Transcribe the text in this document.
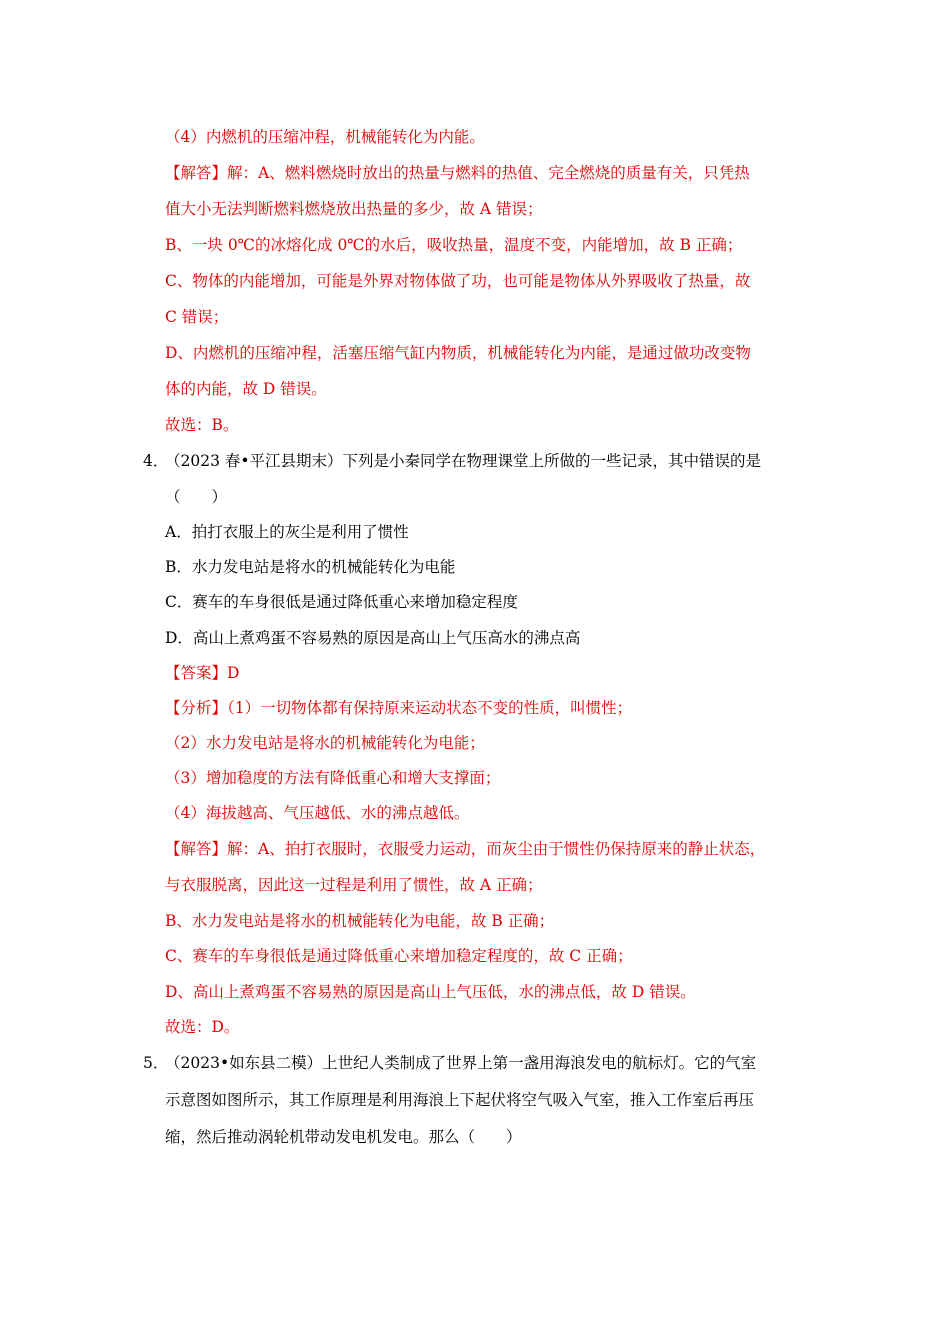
（4）内燃机的压缩冲程，机械能转化为内能。
【解答】解：A、燃料燃烧时放出的热量与燃料的热值、完全燃烧的质量有关，只凭热
值大小无法判断燃料燃烧放出热量的多少，故 A 错误；
B、一块 0℃的冰熔化成 0℃的水后，吸收热量，温度不变，内能增加，故 B 正确；
C、物体的内能增加，可能是外界对物体做了功，也可能是物体从外界吸收了热量，故
C 错误；
D、内燃机的压缩冲程，活塞压缩气缸内物质，机械能转化为内能，是通过做功改变物
体的内能，故 D 错误。
故选：B。
4．
（2023 春•平江县期末）下列是小秦同学在物理课堂上所做的一些记录，其中错误的是
（　　）
A．拍打衣服上的灰尘是利用了惯性
B．水力发电站是将水的机械能转化为电能
C．赛车的车身很低是通过降低重心来增加稳定程度
D．高山上煮鸡蛋不容易熟的原因是高山上气压高水的沸点高
【答案】D
【分析】（1）一切物体都有保持原来运动状态不变的性质，叫惯性；
（2）水力发电站是将水的机械能转化为电能；
（3）增加稳度的方法有降低重心和增大支撑面；
（4）海拔越高、气压越低、水的沸点越低。
【解答】解：A、拍打衣服时，衣服受力运动，而灰尘由于惯性仍保持原来的静止状态，
与衣服脱离，因此这一过程是利用了惯性，故 A 正确；
B、水力发电站是将水的机械能转化为电能，故 B 正确；
C、赛车的车身很低是通过降低重心来增加稳定程度的，故 C 正确；
D、高山上煮鸡蛋不容易熟的原因是高山上气压低，水的沸点低，故 D 错误。
故选：D。
5．
（2023•如东县二模）上世纪人类制成了世界上第一盏用海浪发电的航标灯。它的气室
示意图如图所示，其工作原理是利用海浪上下起伏将空气吸入气室，推入工作室后再压
缩，然后推动涡轮机带动发电机发电。那么（　　）
